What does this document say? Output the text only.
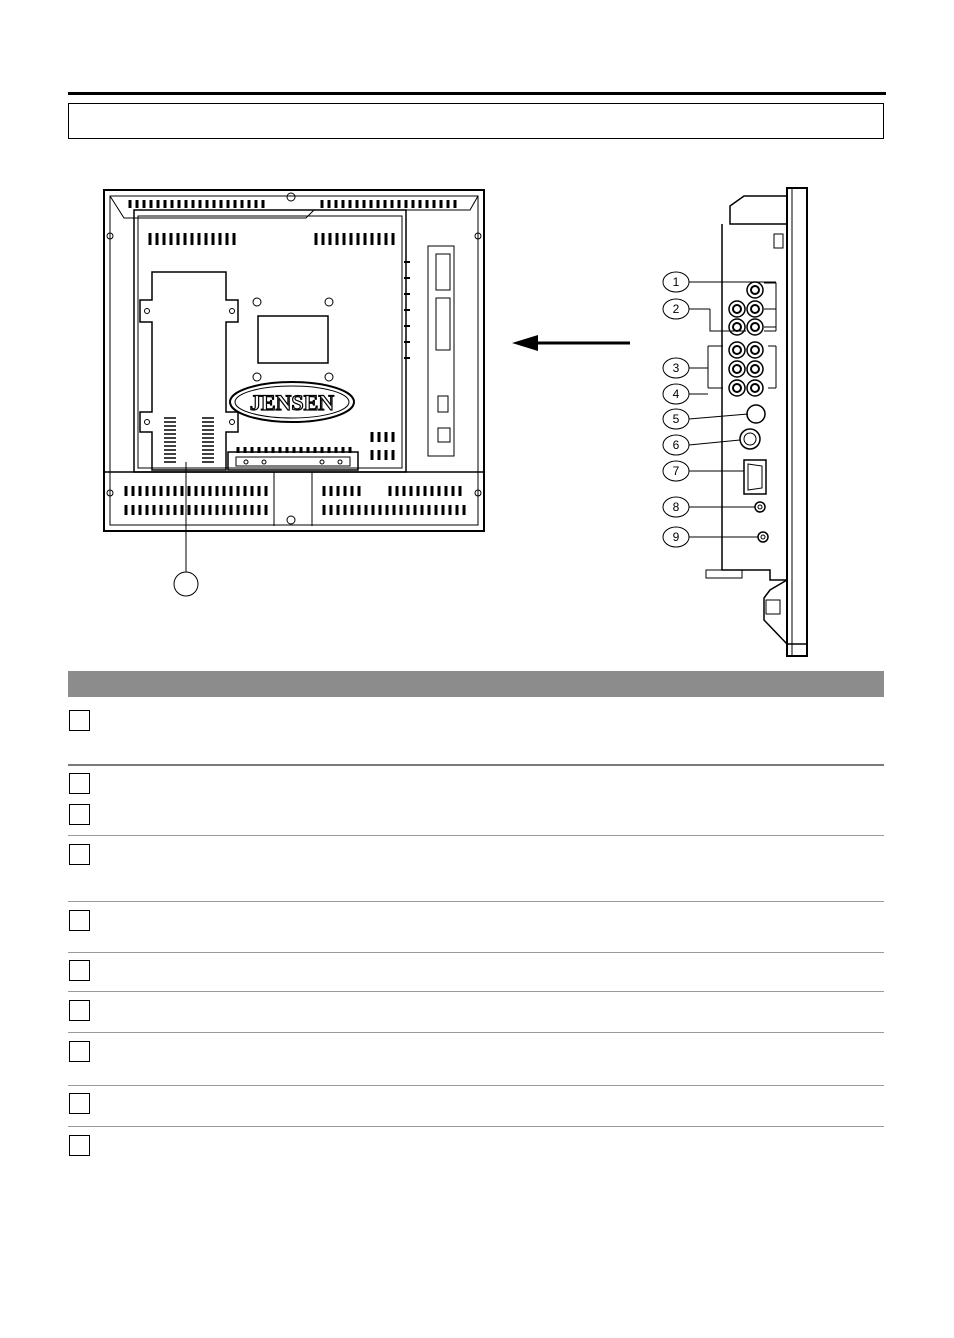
JENSEN
1
2
3
4
5
6
7
8
9
